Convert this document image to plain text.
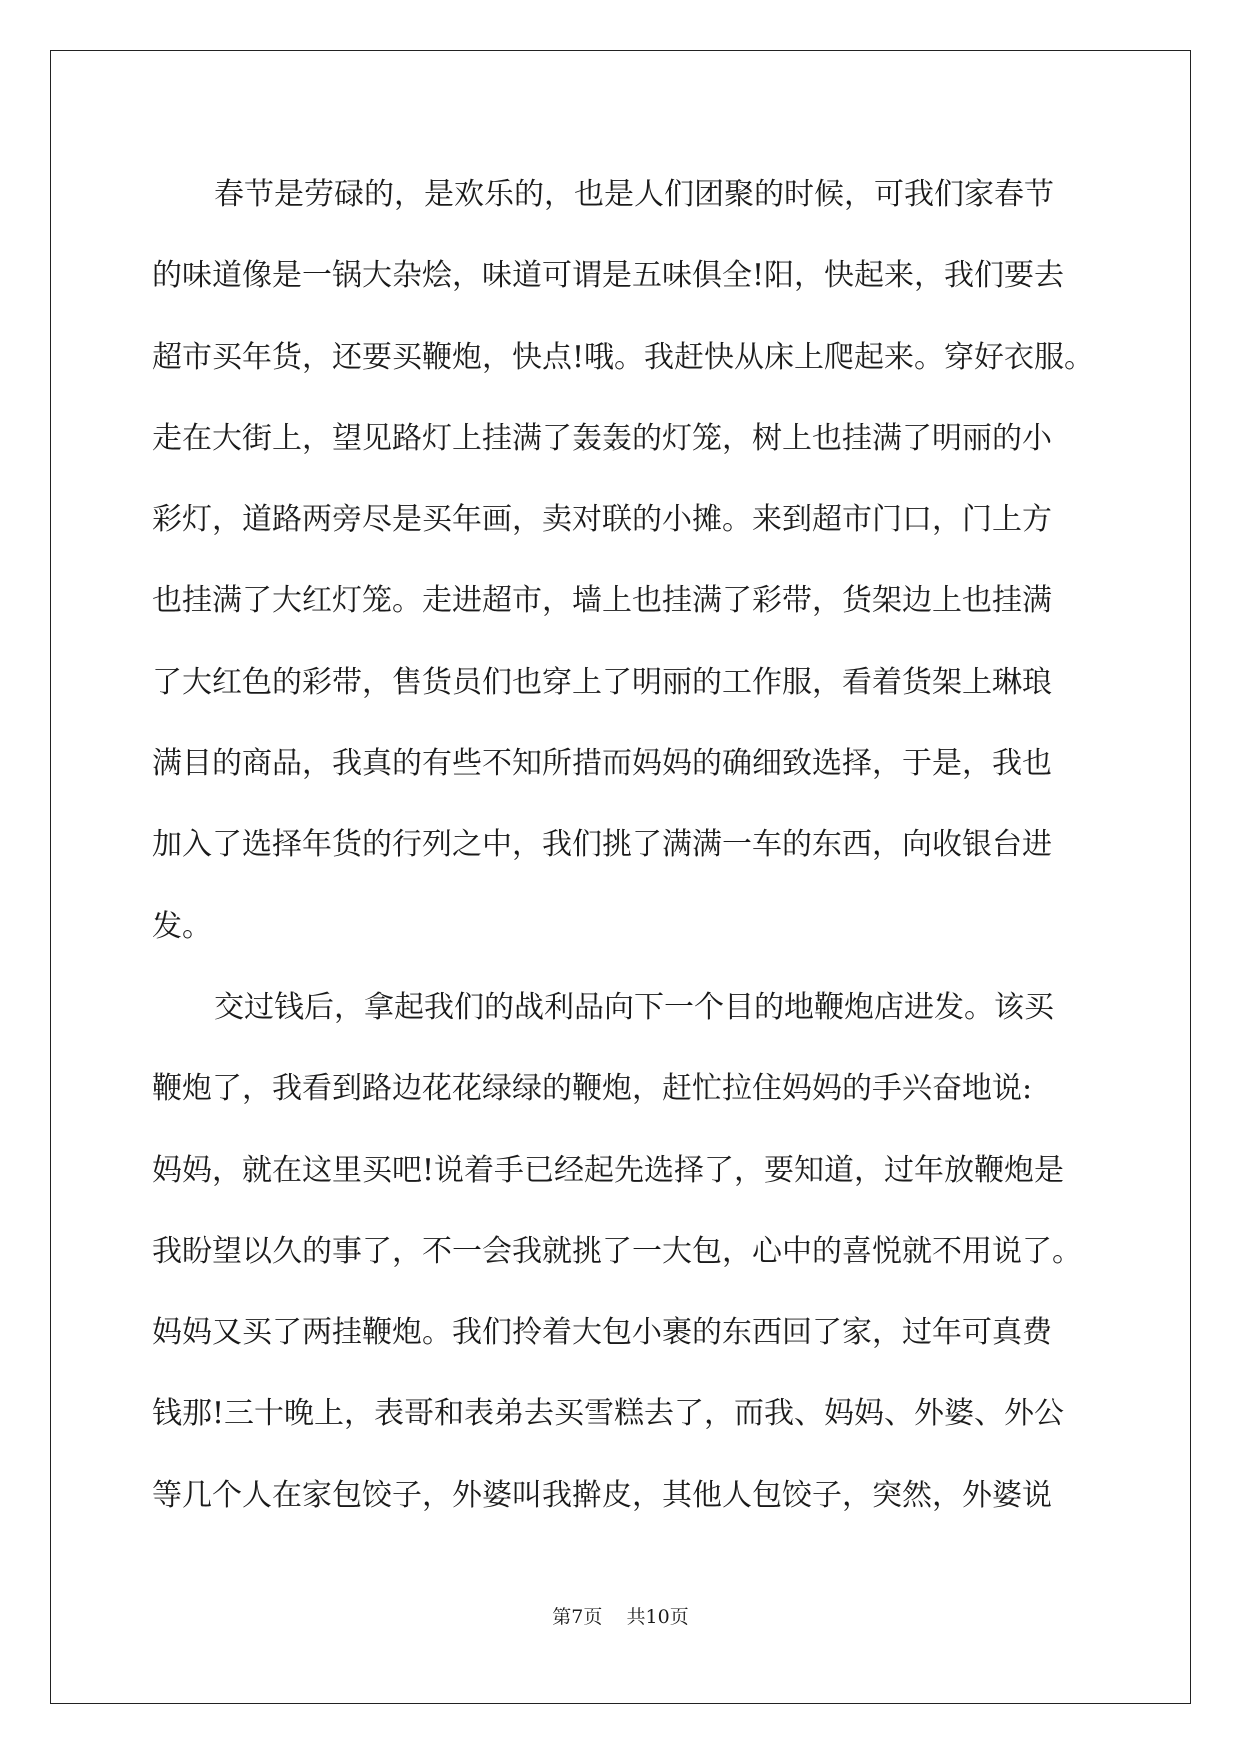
春节是劳碌的，是欢乐的，也是人们团聚的时候，可我们家春节
的味道像是一锅大杂烩，味道可谓是五味俱全!阳，快起来，我们要去
超市买年货，还要买鞭炮，快点!哦。我赶快从床上爬起来。穿好衣服。
走在大街上，望见路灯上挂满了轰轰的灯笼，树上也挂满了明丽的小
彩灯，道路两旁尽是买年画，卖对联的小摊。来到超市门口，门上方
也挂满了大红灯笼。走进超市，墙上也挂满了彩带，货架边上也挂满
了大红色的彩带，售货员们也穿上了明丽的工作服，看着货架上琳琅
满目的商品，我真的有些不知所措而妈妈的确细致选择，于是，我也
加入了选择年货的行列之中，我们挑了满满一车的东西，向收银台进
发。
交过钱后，拿起我们的战利品向下一个目的地鞭炮店进发。该买
鞭炮了，我看到路边花花绿绿的鞭炮，赶忙拉住妈妈的手兴奋地说:
妈妈，就在这里买吧!说着手已经起先选择了，要知道，过年放鞭炮是
我盼望以久的事了，不一会我就挑了一大包，心中的喜悦就不用说了。
妈妈又买了两挂鞭炮。我们拎着大包小裹的东西回了家，过年可真费
钱那!三十晚上，表哥和表弟去买雪糕去了，而我、妈妈、外婆、外公
等几个人在家包饺子，外婆叫我擀皮，其他人包饺子，突然，外婆说
第7页 共10页
